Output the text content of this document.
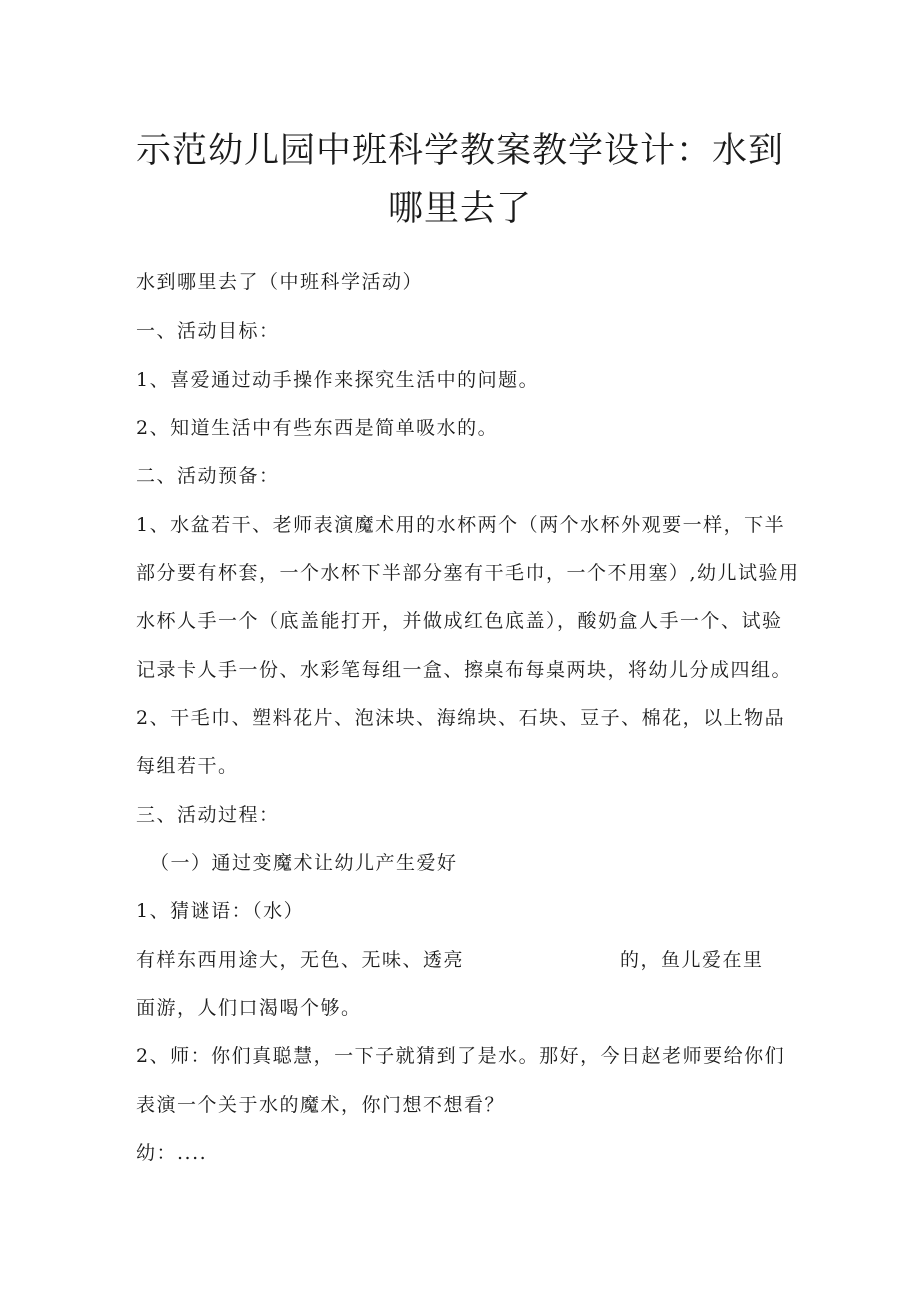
示范幼儿园中班科学教案教学设计：水到哪里去了

水到哪里去了（中班科学活动）

一、活动目标：

1、喜爱通过动手操作来探究生活中的问题。

2、知道生活中有些东西是简单吸水的。

二、活动预备：

1、水盆若干、老师表演魔术用的水杯两个（两个水杯外观要一样，下半

部分要有杯套，一个水杯下半部分塞有干毛巾，一个不用塞）,幼儿试验用

水杯人手一个（底盖能打开，并做成红色底盖），酸奶盒人手一个、试验

记录卡人手一份、水彩笔每组一盒、擦桌布每桌两块，将幼儿分成四组。

2、干毛巾、塑料花片、泡沫块、海绵块、石块、豆子、棉花，以上物品

每组若干。

三、活动过程：

（一）通过变魔术让幼儿产生爱好

1、猜谜语：（水）

有样东西用途大，无色、无味、透亮	的，鱼儿爱在里

面游，人们口渴喝个够。

2、师：你们真聪慧，一下子就猜到了是水。那好，今日赵老师要给你们

表演一个关于水的魔术，你门想不想看？

幼：....
